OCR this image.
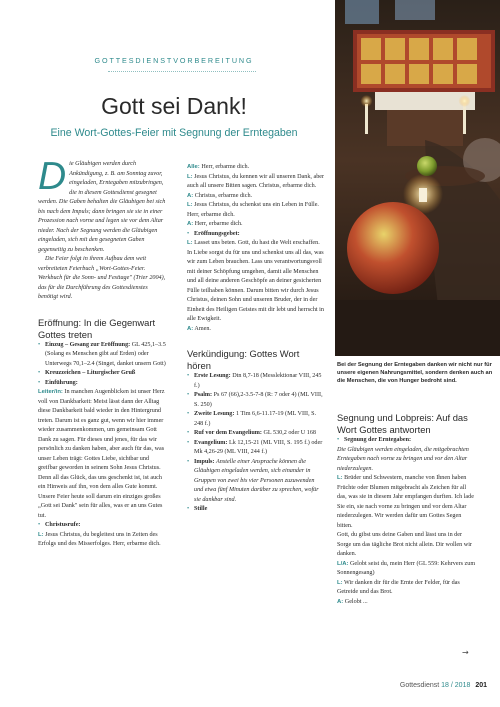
GOTTESDIENSTVORBEREITUNG
Gott sei Dank!
Eine Wort-Gottes-Feier mit Segnung der Erntegaben

Die Gläubigen werden durch Ankündigung, z. B. am Sonntag zuvor, eingeladen, Erntegaben mitzubringen, die in diesem Gottesdienst gesegnet werden. Die Gaben behalten die Gläubigen bei sich bis nach dem Impuls; dann bringen sie sie in einer Prozession nach vorne und legen sie vor dem Altar nieder. Nach der Segnung werden die Gläubigen eingeladen, sich mit den gesegneten Gaben gegenseitig zu beschenken.

Die Feier folgt in ihrem Aufbau dem weit verbreiteten Feierbuch „Wort-Gottes-Feier. Werkbuch für die Sonn- und Festtage" (Trier 2004), das für die Durchführung des Gottesdienstes benötigt wird.

Eröffnung: In die Gegenwart Gottes treten

• Einzug – Gesang zur Eröffnung: GL 425,1–3.5 (Solang es Menschen gibt auf Erden) oder Unterwegs 70,1–2.4 (Singet, danket unsern Gott)

• Kreuzzeichen – Liturgischer Gruß

• Einführung:

Leiter/in: In manchen Augenblicken ist unser Herz voll von Dankbarkeit: Meist lässt dann der Alltag diese Dankbarkeit bald wieder in den Hintergrund treten. Darum ist es ganz gut, wenn wir hier immer wieder zusammenkommen, um gemeinsam Gott Dank zu sagen. Für dieses und jenes, für das wir persönlich zu danken haben, aber auch für das, was unser Leben trägt: Gottes Liebe, sichtbar und greifbar geworden in seinem Sohn Jesus Christus. Denn all das Glück, das uns geschenkt ist, ist auch ein Hinweis auf ihn, von dem alles Gute kommt. Unsere Feier heute soll darum ein einziges großes „Gott sei Dank" sein für alles, was er an uns Gutes tut.

• Christusrufe:

L: Jesus Christus, du begleitest uns in Zeiten des Erfolgs und des Misserfolges. Herr, erbarme dich.

Alle: Herr, erbarme dich.

L: Jesus Christus, du kennen wir all unseren Dank, aber auch all unsere Bitten sagen. Christus, erbarme dich.

A: Christus, erbarme dich.

L: Jesus Christus, du schenkst uns ein Leben in Fülle. Herr, erbarme dich.

A: Herr, erbarme dich.

• Eröffnungsgebet:

L: Lasset uns beten. Gott, du hast die Welt erschaffen. In Liebe sorgst du für uns und schenkst uns all das, was wir zum Leben brauchen. Lass uns verantwortungsvoll mit deiner Schöpfung umgehen, damit alle Menschen und all deine anderen Geschöpfe an deiner gesicherten Fülle teilhaben können. Darum bitten wir durch Jesus Christus, deinen Sohn und unseren Bruder, der in der Einheit des Heiligen Geistes mit dir lebt und herrscht in alle Ewigkeit.

A: Amen.

Verkündigung: Gottes Wort hören

• Erste Lesung: Dtn 8,7-18 (Messlektionar VIII, 245 f.)

• Psalm: Ps 67 (66),2-3.5-7-8 (R: 7 oder 4) (ML VIII, S. 250)

• Zweite Lesung: 1 Tim 6,6-11.17-19 (ML VIII, S. 248 f.)

• Ruf vor dem Evangelium: GL 530,2 oder U 168

• Evangelium: Lk 12,15-21 (ML VIII, S. 195 f.) oder Mk 4,26-29 (ML VIII, 244 f.)

• Impuls: Anstelle einer Ansprache können die Gläubigen eingeladen werden, sich einander in Gruppen von zwei bis vier Personen zuzuwenden und etwa fünf Minuten darüber zu sprechen, wofür sie dankbar sind.

• Stille

Bei der Segnung der Erntegaben danken wir nicht nur für unsere eigenen Nahrungsmittel, sondern denken auch an die Menschen, die von Hunger bedroht sind.

Segnung und Lobpreis: Auf das Wort Gottes antworten

• Segnung der Erntegaben:

Die Gläubigen werden eingeladen, die mitgebrachten Erntegaben nach vorne zu bringen und vor den Altar niederzulegen.

L: Brüder und Schwestern, manche von Ihnen haben Früchte oder Blumen mitgebracht als Zeichen für all das, was sie in diesem Jahr empfangen durften. Ich lade Sie ein, sie nach vorne zu bringen und vor dem Altar niederzulegen. Wir werden dafür um Gottes Segen bitten.

Gott, du gibst uns deine Gaben und lässt uns in der Sorge um das tägliche Brot nicht allein. Dir wollen wir danken.

L/A: Gelobt seist du, mein Herr (GL 559: Kehrvers zum Sonnengesang)

L: Wir danken dir für die Ernte der Felder, für das Getreide und das Brot.

A: Gelobt ...

→
Gottesdienst 18 / 2018 201
